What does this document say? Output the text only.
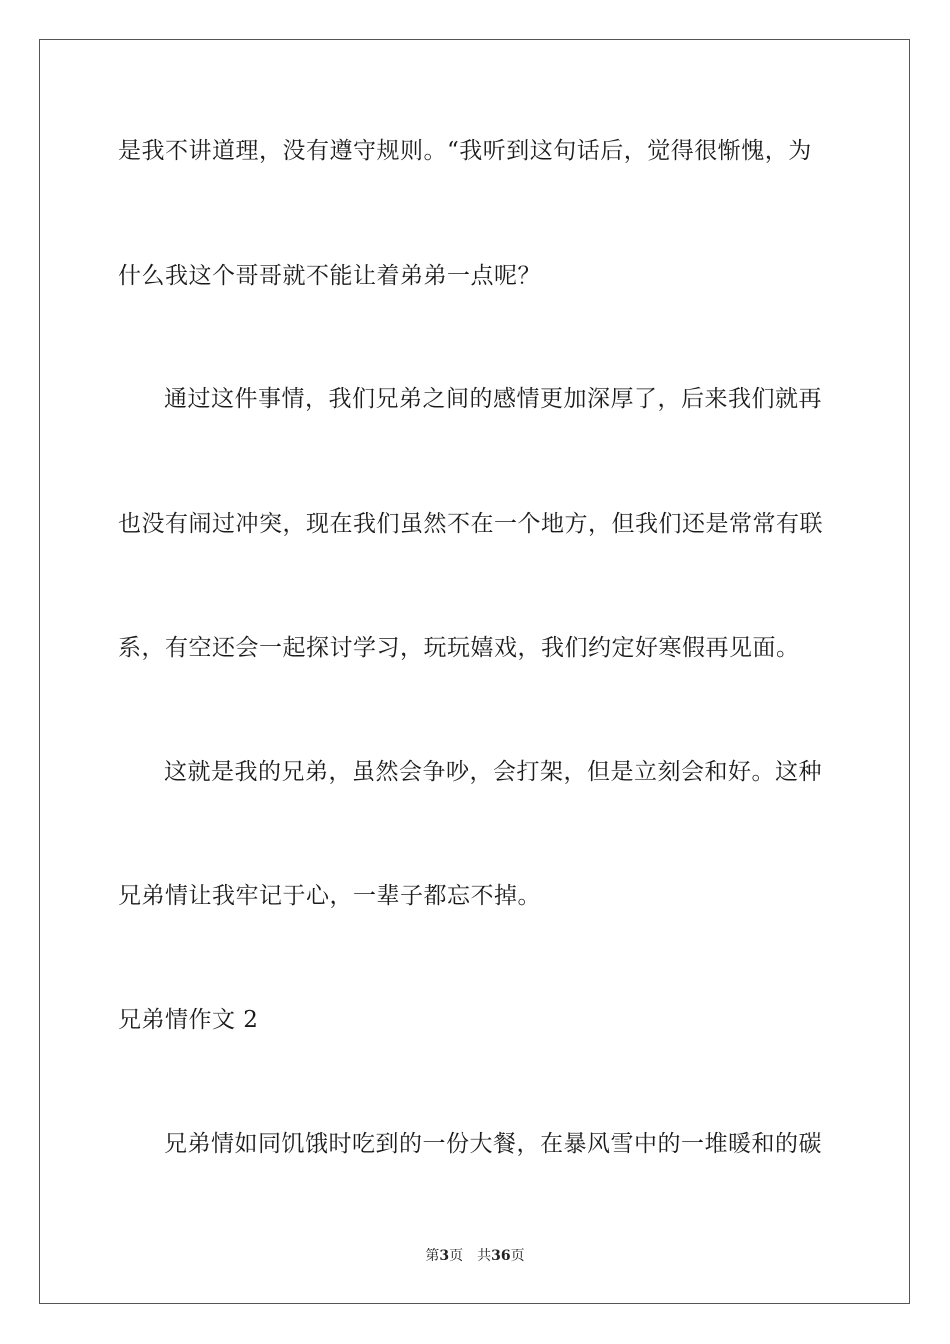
是我不讲道理，没有遵守规则。“我听到这句话后，觉得很惭愧，为
什么我这个哥哥就不能让着弟弟一点呢？
通过这件事情，我们兄弟之间的感情更加深厚了，后来我们就再
也没有闹过冲突，现在我们虽然不在一个地方，但我们还是常常有联
系，有空还会一起探讨学习，玩玩嬉戏，我们约定好寒假再见面。
这就是我的兄弟，虽然会争吵，会打架，但是立刻会和好。这种
兄弟情让我牢记于心，一辈子都忘不掉。
兄弟情作文 2
兄弟情如同饥饿时吃到的一份大餐，在暴风雪中的一堆暖和的碳
第3页 共36页
